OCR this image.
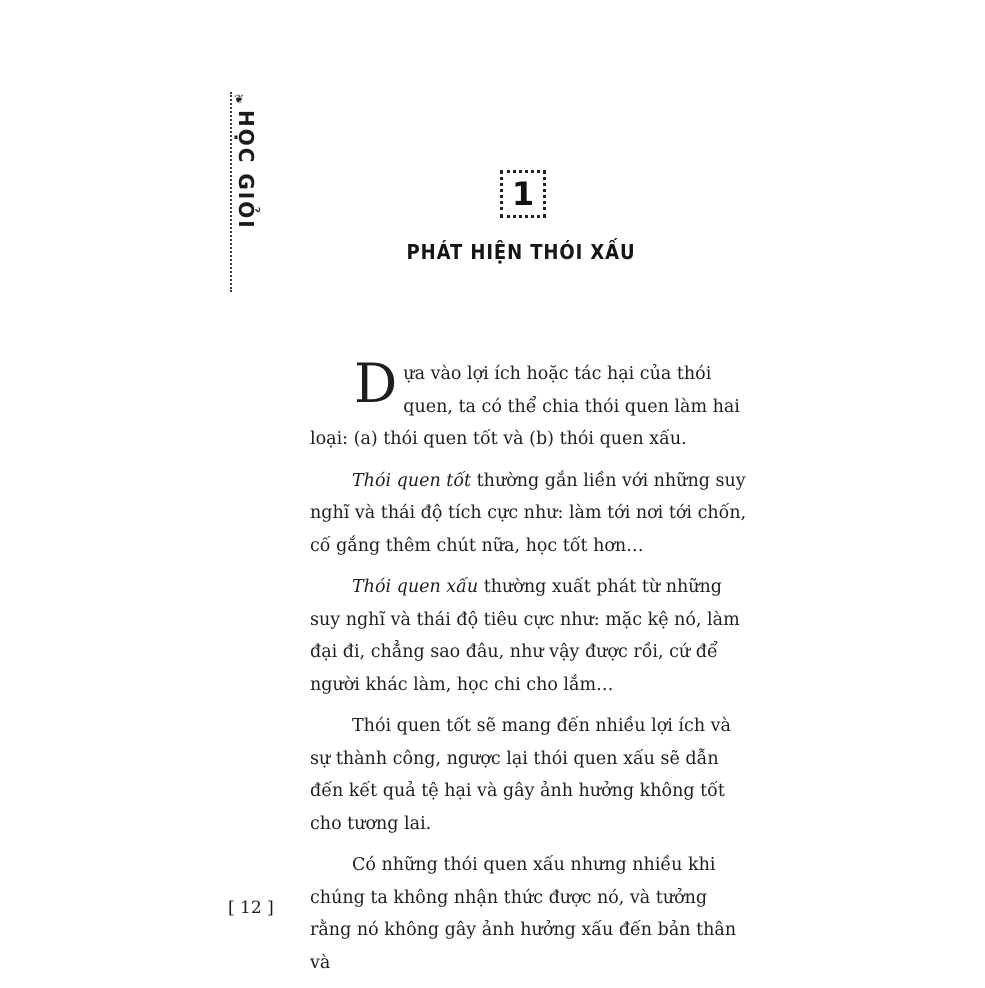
❦
HỌC GIỎI	1
PHÁT HIỆN THÓI XẤU

Dựa vào lợi ích hoặc tác hại của thói quen, ta có thể chia thói quen làm hai loại: (a) thói quen tốt và (b) thói quen xấu.

Thói quen tốt thường gắn liền với những suy nghĩ và thái độ tích cực như: làm tới nơi tới chốn, cố gắng thêm chút nữa, học tốt hơn…

Thói quen xấu thường xuất phát từ những suy nghĩ và thái độ tiêu cực như: mặc kệ nó, làm đại đi, chẳng sao đâu, như vậy được rồi, cứ để người khác làm, học chi cho lắm…

Thói quen tốt sẽ mang đến nhiều lợi ích và sự thành công, ngược lại thói quen xấu sẽ dẫn đến kết quả tệ hại và gây ảnh hưởng không tốt cho tương lai.

Có những thói quen xấu nhưng nhiều khi chúng ta không nhận thức được nó, và tưởng rằng nó không gây ảnh hưởng xấu đến bản thân và

[ 12 ]
